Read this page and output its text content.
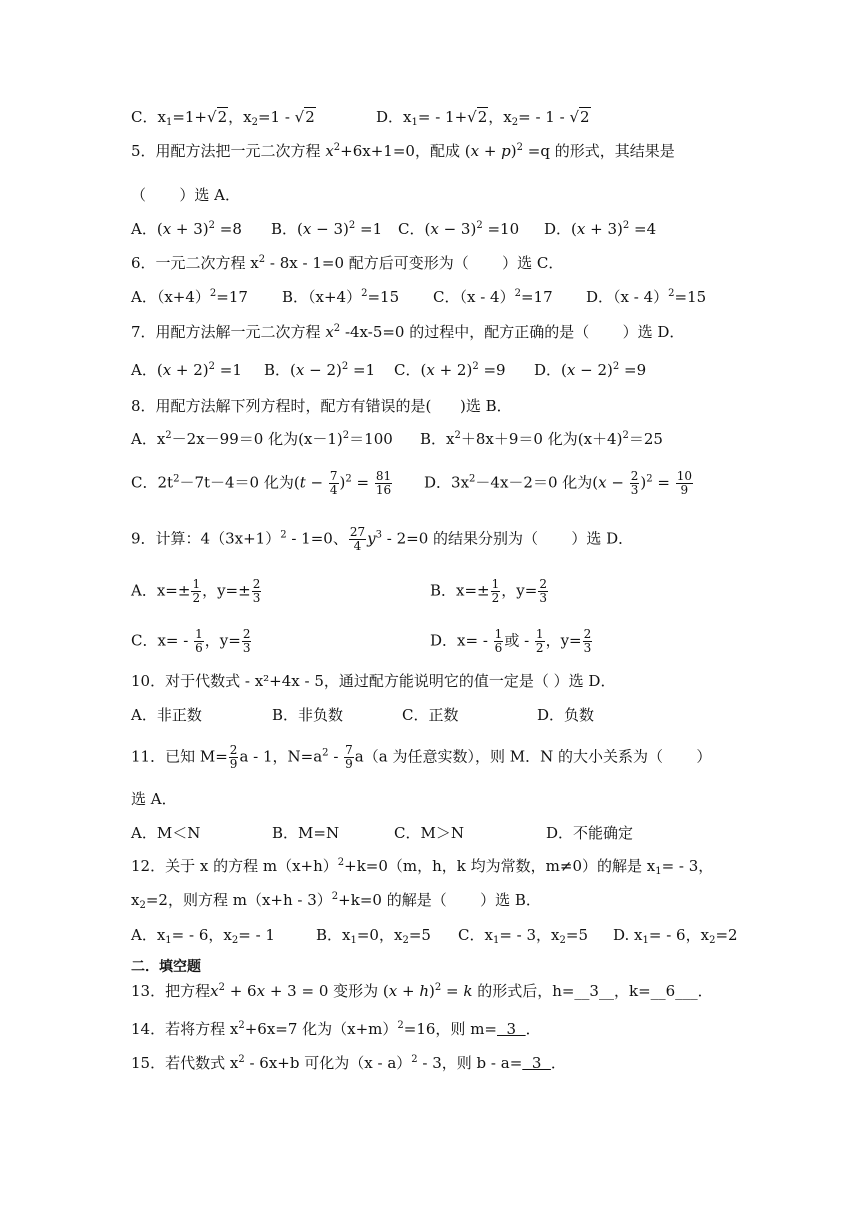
C．$x_1=1+√2$，$x_2=1 - √2$	D．$x_1= - 1+√2$，$x_2= - 1 - √2$
5．用配方法把一元二次方程 $x^2+6x+1=0$，配成 $(x + p)^2 =q$ 的形式，其结果是
（       ）选 A．
A．$(x + 3)^2 =8$ B．$(x - 3)^2 =1$ C．$(x - 3)^2 =10$ D．$(x + 3)^2 =4$
6．一元二次方程 $x^2 - 8x - 1=0$ 配方后可变形为（       ）选 C．
A．$(x+4)^2=17$ B．$(x+4)^2=15$ C．（x - 4）$^2$=17 D．（x - 4）$^2$=15
7．用配方法解一元二次方程 $x^2$ -4x-5=0 的过程中，配方正确的是（       ）选 D．
A．$(x + 2)^2 =1$ B．$(x - 2)^2 =1$ C．$(x + 2)^2 =9$ D．$(x - 2)^2 =9$
8．用配方法解下列方程时，配方有错误的是(      )选 B．
A．$x^2-2x-99=0$ 化为$(x-1)^2=100$ B．$x^2+8x+9=0$ 化为$(x+4)^2=25$
C．$2t^2-7t-4=0$ 化为$(t - \frac{7}{4} )^2 = \frac{81}{16}$ D．$3x^2-4x-2=0$ 化为$(x - \frac{2}{3} )^2 = \frac{10}{9}$
9．计算：$4(3x+1)^2 - 1=0$、 $\frac{27}{4} y^3 - 2=0$ 的结果分别为（       ）选 D．
A．$x=\pm \frac{1}{2}$ ，$y=\pm \frac{2}{3}$	B．$x=\pm \frac{1}{2}$ ，$y= \frac{2}{3}$
C．$x= - \frac{1}{6}$ ，$y= \frac{2}{3}$	D．$x= - \frac{1}{6}$ 或 - $\frac{1}{2}$ ，$y= \frac{2}{3}$
10．对于代数式 - x²+4x - 5，通过配方能说明它的值一定是（ ）选 D．
A．非正数	B．非负数	C．正数	D．负数
11．已知 $M= \frac{2}{9}$ a - 1，$N=a^2 - \frac{7}{9} a(a$ 为任意实数），则 M．N 的大小关系为（       ）
选 A．
A．M＜N	B．M=N	C．M＞N	D．不能确定
12．关于 x 的方程 $m(x+h)^2+k=0(m$，h，k 均为常数，m≠0）的解是 $x_1= - 3$，
$x_2=2$，则方程 $m(x+h - 3)^2+k=0$ 的解是（       ）选 B．
A．$x_1= - 6$，$x_2= - 1$	B．$x_1=0$，$x_2=5$ C．$x_1= - 3$，$x_2=5$ D. $x_1= - 6$，$x_2=2$
二．填空题
13．把方程$x^2 + 6x + 3 = 0$ 变形为 $(x + h)^2 = k$ 的形式后，h=__3__，k=__6___．
14．若将方程 $x^2+6x=7$ 化为$(x+m)^2=16$，则 m=  3  ．
15．若代数式 $x^2 - 6x+b$ 可化为（x - a）$^2$ - 3，则 b - a=  3  ．
